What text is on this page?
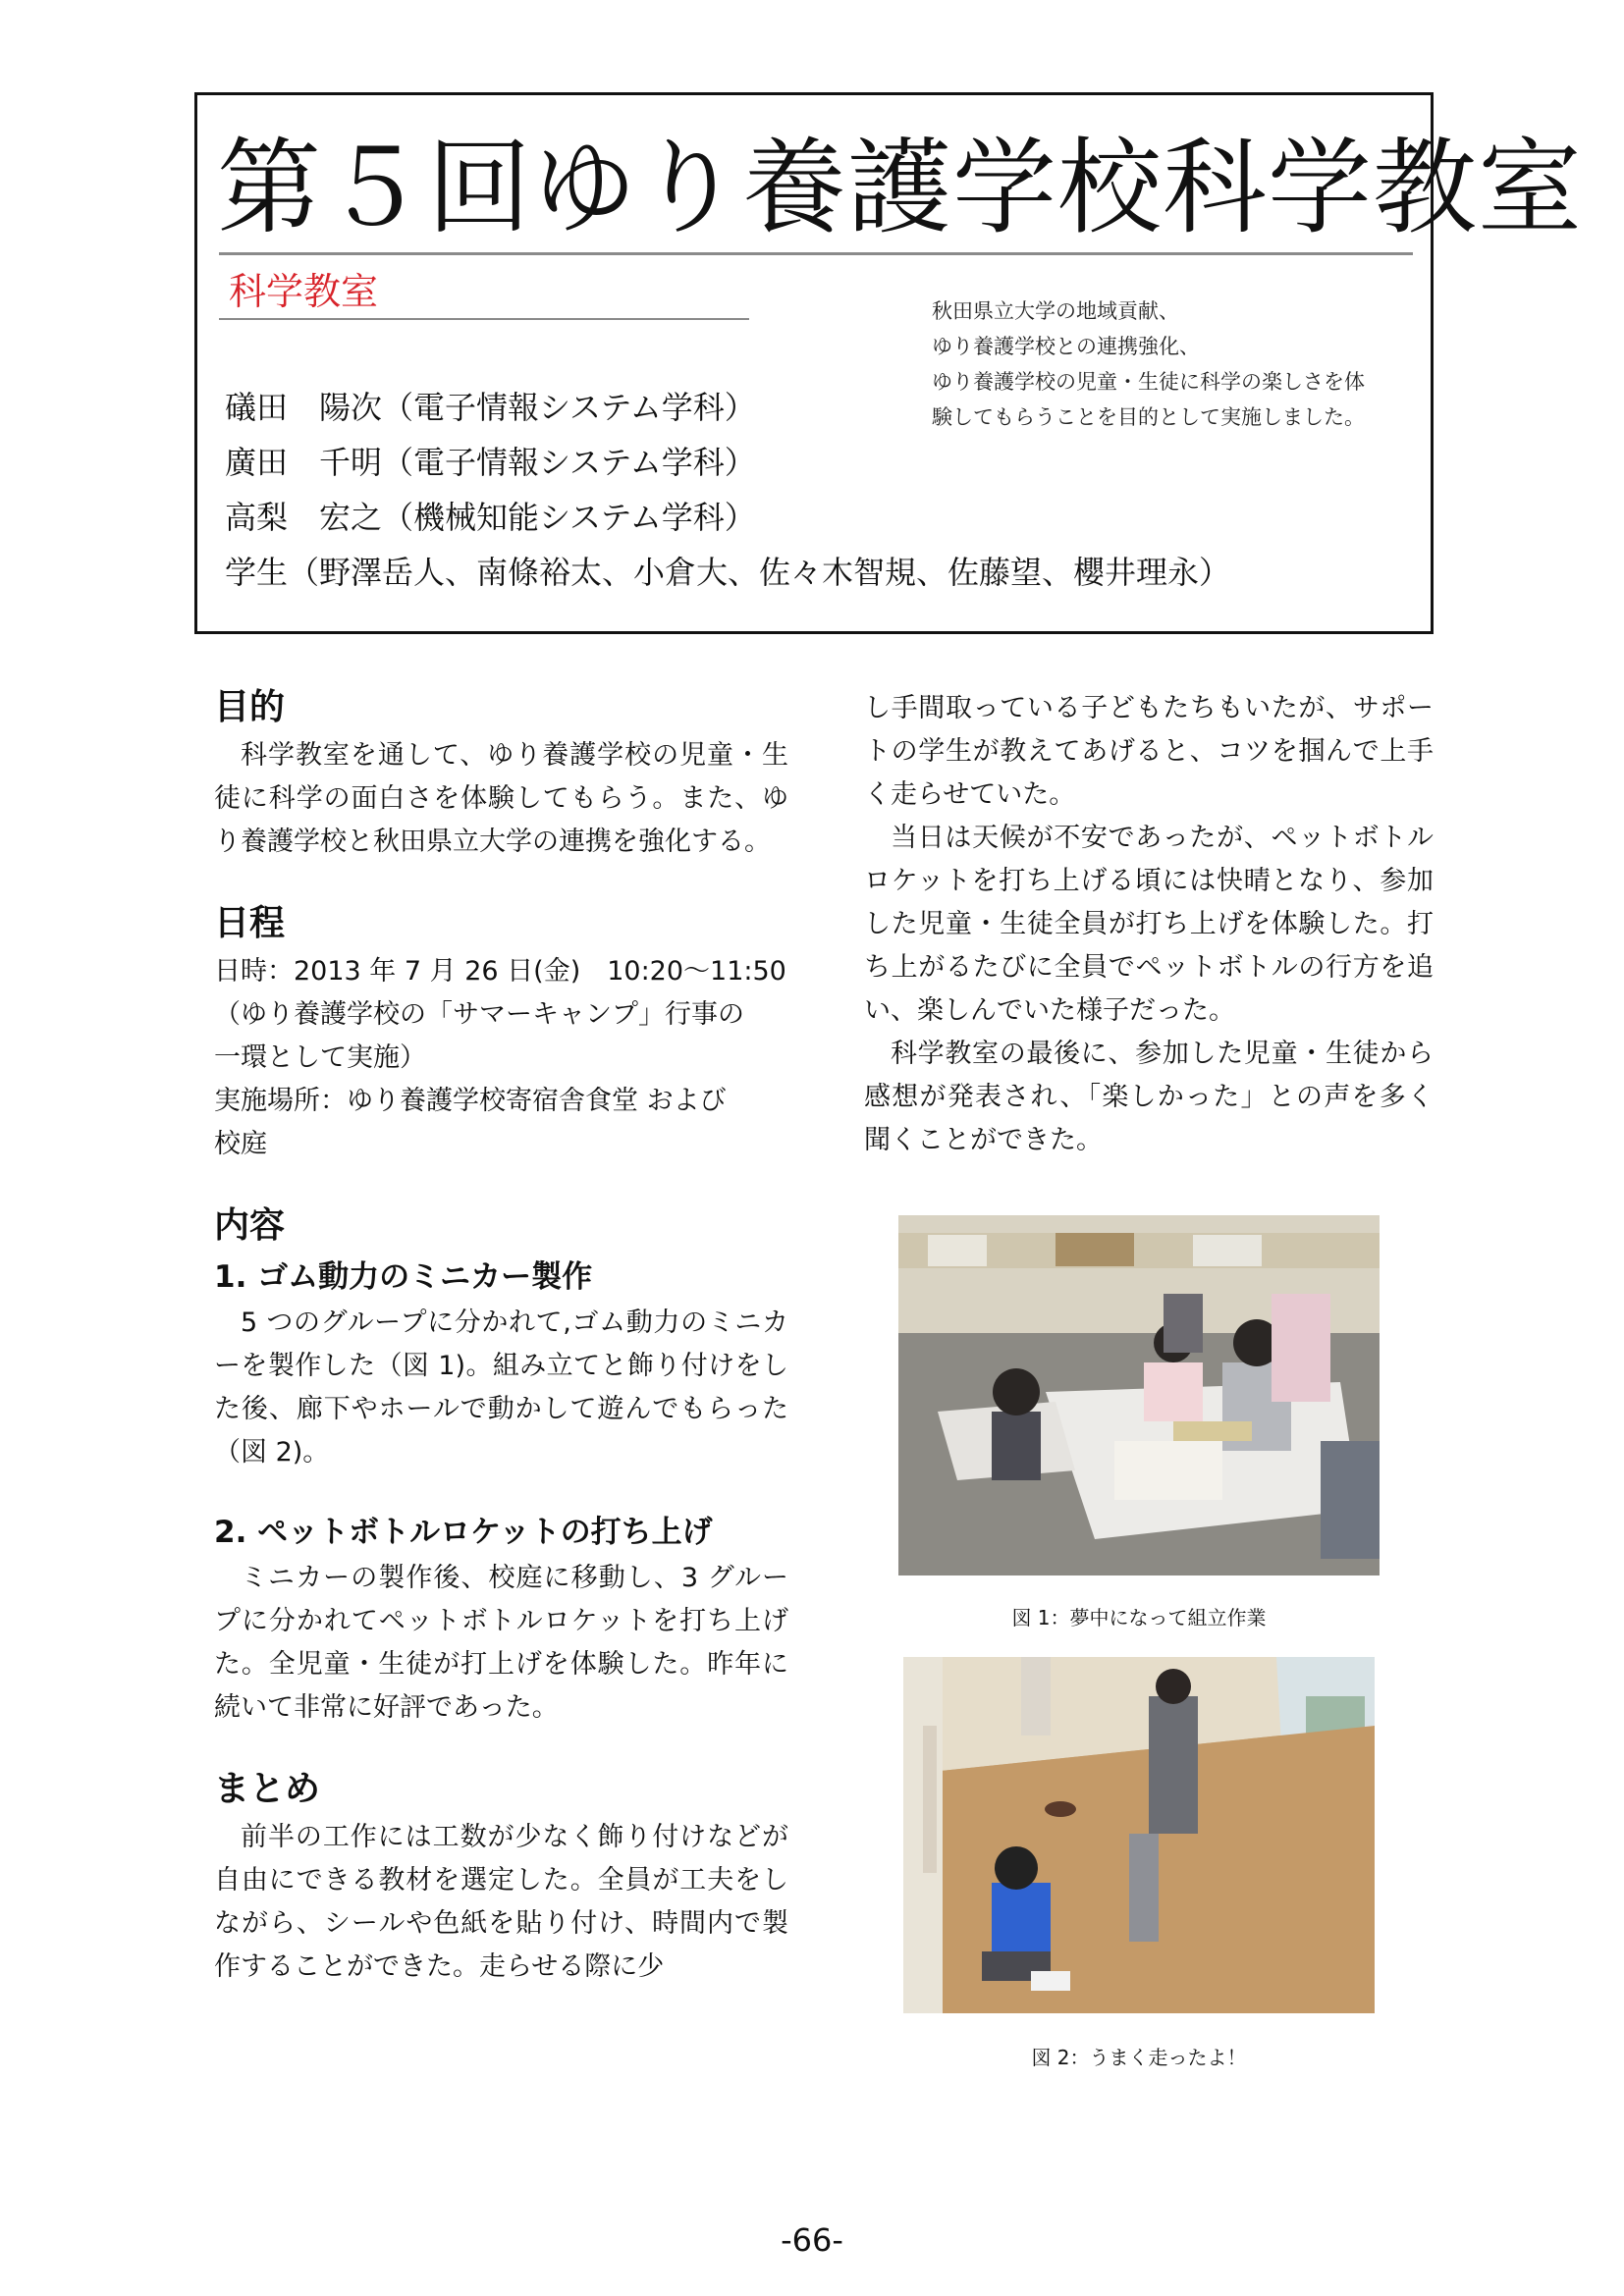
第５回ゆり養護学校科学教室
科学教室	秋田県立大学の地域貢献、
ゆり養護学校との連携強化、
ゆり養護学校の児童・生徒に科学の楽しさを体
験してもらうことを目的として実施しました。
礒田　陽次（電子情報システム学科）
廣田　千明（電子情報システム学科）
高梨　宏之（機械知能システム学科）
学生（野澤岳人、南條裕太、小倉大、佐々木智規、佐藤望、櫻井理永）
目的

科学教室を通して、ゆり養護学校の児童・生徒に科学の面白さを体験してもらう。また、ゆり養護学校と秋田県立大学の連携を強化する。

日程

日時：2013 年 7 月 26 日(金)　10:20～11:50

（ゆり養護学校の「サマーキャンプ」行事の

一環として実施）

実施場所：ゆり養護学校寄宿舎食堂 および

校庭

内容
1. ゴム動力のミニカー製作

5 つのグループに分かれて,ゴム動力のミニカーを製作した（図 1)。組み立てと飾り付けをした後、廊下やホールで動かして遊んでもらった（図 2)。

2. ペットボトルロケットの打ち上げ

ミニカーの製作後、校庭に移動し、3 グループに分かれてペットボトルロケットを打ち上げた。全児童・生徒が打上げを体験した。昨年に続いて非常に好評であった。

まとめ

前半の工作には工数が少なく飾り付けなどが自由にできる教材を選定した。全員が工夫をしながら、シールや色紙を貼り付け、時間内で製作することができた。走らせる際に少

し手間取っている子どもたちもいたが、サポートの学生が教えてあげると、コツを掴んで上手く走らせていた。

当日は天候が不安であったが、ペットボトルロケットを打ち上げる頃には快晴となり、参加した児童・生徒全員が打ち上げを体験した。打ち上がるたびに全員でペットボトルの行方を追い、楽しんでいた様子だった。

科学教室の最後に、参加した児童・生徒から感想が発表され、「楽しかった」との声を多く聞くことができた。

図 1：夢中になって組立作業
図 2：うまく走ったよ！
-66-
